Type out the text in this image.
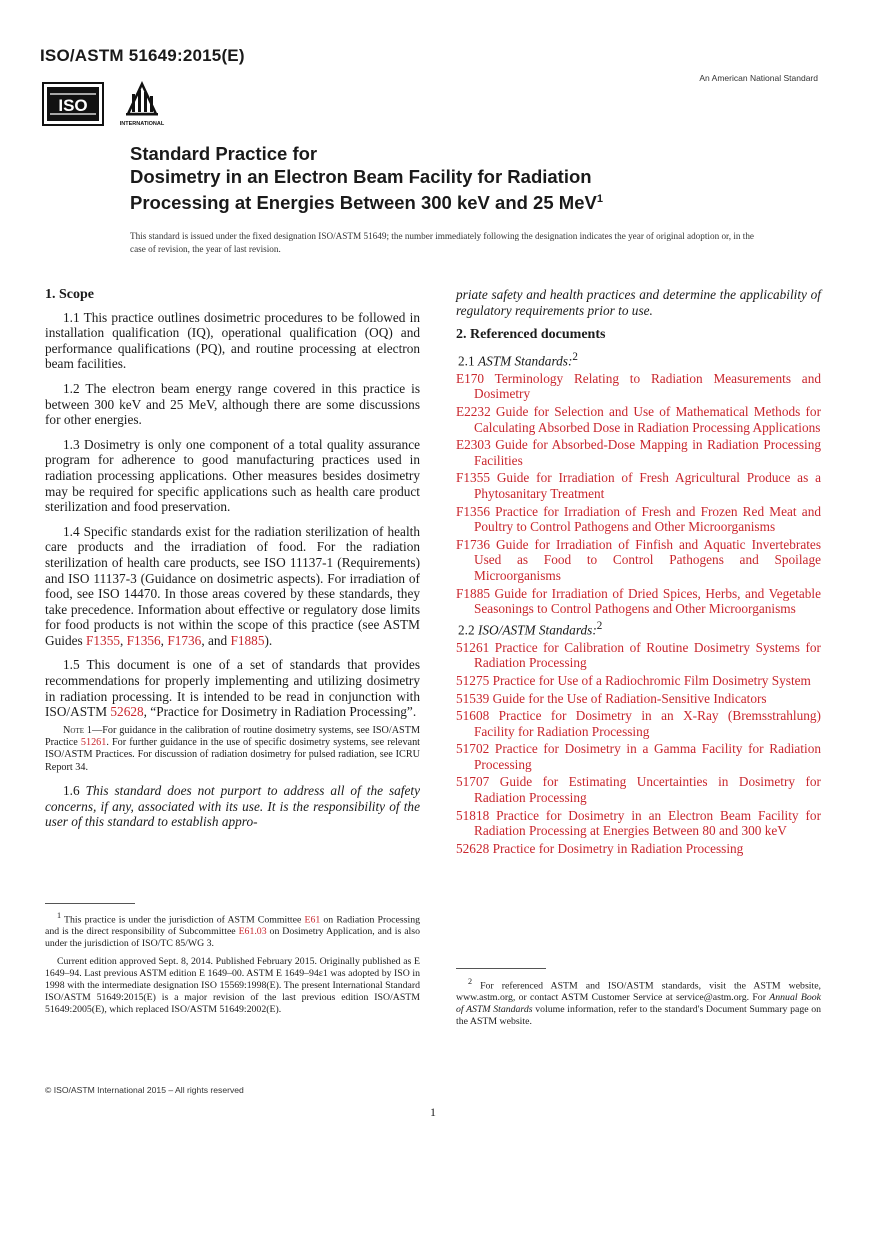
ISO/ASTM 51649:2015(E)
An American National Standard
ISO
INTERNATIONAL
Standard Practice for
Dosimetry in an Electron Beam Facility for Radiation
Processing at Energies Between 300 keV and 25 MeV$^1$
This standard is issued under the fixed designation ISO/ASTM 51649; the number immediately following the designation indicates the year of original adoption or, in the case of revision, the year of last revision.
1. Scope

1.1 This practice outlines dosimetric procedures to be followed in installation qualification (IQ), operational qualification (OQ) and performance qualifications (PQ), and routine processing at electron beam facilities.

1.2 The electron beam energy range covered in this practice is between 300 keV and 25 MeV, although there are some discussions for other energies.

1.3 Dosimetry is only one component of a total quality assurance program for adherence to good manufacturing practices used in radiation processing applications. Other measures besides dosimetry may be required for specific applications such as health care product sterilization and food preservation.

1.4 Specific standards exist for the radiation sterilization of health care products and the irradiation of food. For the radiation sterilization of health care products, see ISO 11137-1 (Requirements) and ISO 11137-3 (Guidance on dosimetric aspects). For irradiation of food, see ISO 14470. In those areas covered by these standards, they take precedence. Information about effective or regulatory dose limits for food products is not within the scope of this practice (see ASTM Guides F1355, F1356, F1736, and F1885).

1.5 This document is one of a set of standards that provides recommendations for properly implementing and utilizing dosimetry in radiation processing. It is intended to be read in conjunction with ISO/ASTM 52628, “Practice for Dosimetry in Radiation Processing”.

Note 1—For guidance in the calibration of routine dosimetry systems, see ISO/ASTM Practice 51261. For further guidance in the use of specific dosimetry systems, see relevant ISO/ASTM Practices. For discussion of radiation dosimetry for pulsed radiation, see ICRU Report 34.

1.6 This standard does not purport to address all of the safety concerns, if any, associated with its use. It is the responsibility of the user of this standard to establish appro-

$^1$ This practice is under the jurisdiction of ASTM Committee E61 on Radiation Processing and is the direct responsibility of Subcommittee E61.03 on Dosimetry Application, and is also under the jurisdiction of ISO/TC 85/WG 3.
Current edition approved Sept. 8, 2014. Published February 2015. Originally published as E 1649–94. Last previous ASTM edition E 1649–00. ASTM E 1649–94ε1 was adopted by ISO in 1998 with the intermediate designation ISO 15569:1998(E). The present International Standard ISO/ASTM 51649:2015(E) is a major revision of the last previous edition ISO/ASTM 51649:2005(E), which replaced ISO/ASTM 51649:2002(E).

priate safety and health practices and determine the applicability of regulatory requirements prior to use.

2. Referenced documents
2.1 ASTM Standards:$^2$
E170 Terminology Relating to Radiation Measurements and Dosimetry
E2232 Guide for Selection and Use of Mathematical Methods for Calculating Absorbed Dose in Radiation Processing Applications
E2303 Guide for Absorbed-Dose Mapping in Radiation Processing Facilities
F1355 Guide for Irradiation of Fresh Agricultural Produce as a Phytosanitary Treatment
F1356 Practice for Irradiation of Fresh and Frozen Red Meat and Poultry to Control Pathogens and Other Microorganisms
F1736 Guide for Irradiation of Finfish and Aquatic Invertebrates Used as Food to Control Pathogens and Spoilage Microorganisms
F1885 Guide for Irradiation of Dried Spices, Herbs, and Vegetable Seasonings to Control Pathogens and Other Microorganisms
2.2 ISO/ASTM Standards:$^2$
51261 Practice for Calibration of Routine Dosimetry Systems for Radiation Processing
51275 Practice for Use of a Radiochromic Film Dosimetry System
51539 Guide for the Use of Radiation-Sensitive Indicators
51608 Practice for Dosimetry in an X-Ray (Bremsstrahlung) Facility for Radiation Processing
51702 Practice for Dosimetry in a Gamma Facility for Radiation Processing
51707 Guide for Estimating Uncertainties in Dosimetry for Radiation Processing
51818 Practice for Dosimetry in an Electron Beam Facility for Radiation Processing at Energies Between 80 and 300 keV
52628 Practice for Dosimetry in Radiation Processing
$^2$ For referenced ASTM and ISO/ASTM standards, visit the ASTM website, www.astm.org, or contact ASTM Customer Service at service@astm.org. For Annual Book of ASTM Standards volume information, refer to the standard's Document Summary page on the ASTM website.
© ISO/ASTM International 2015 – All rights reserved
1
